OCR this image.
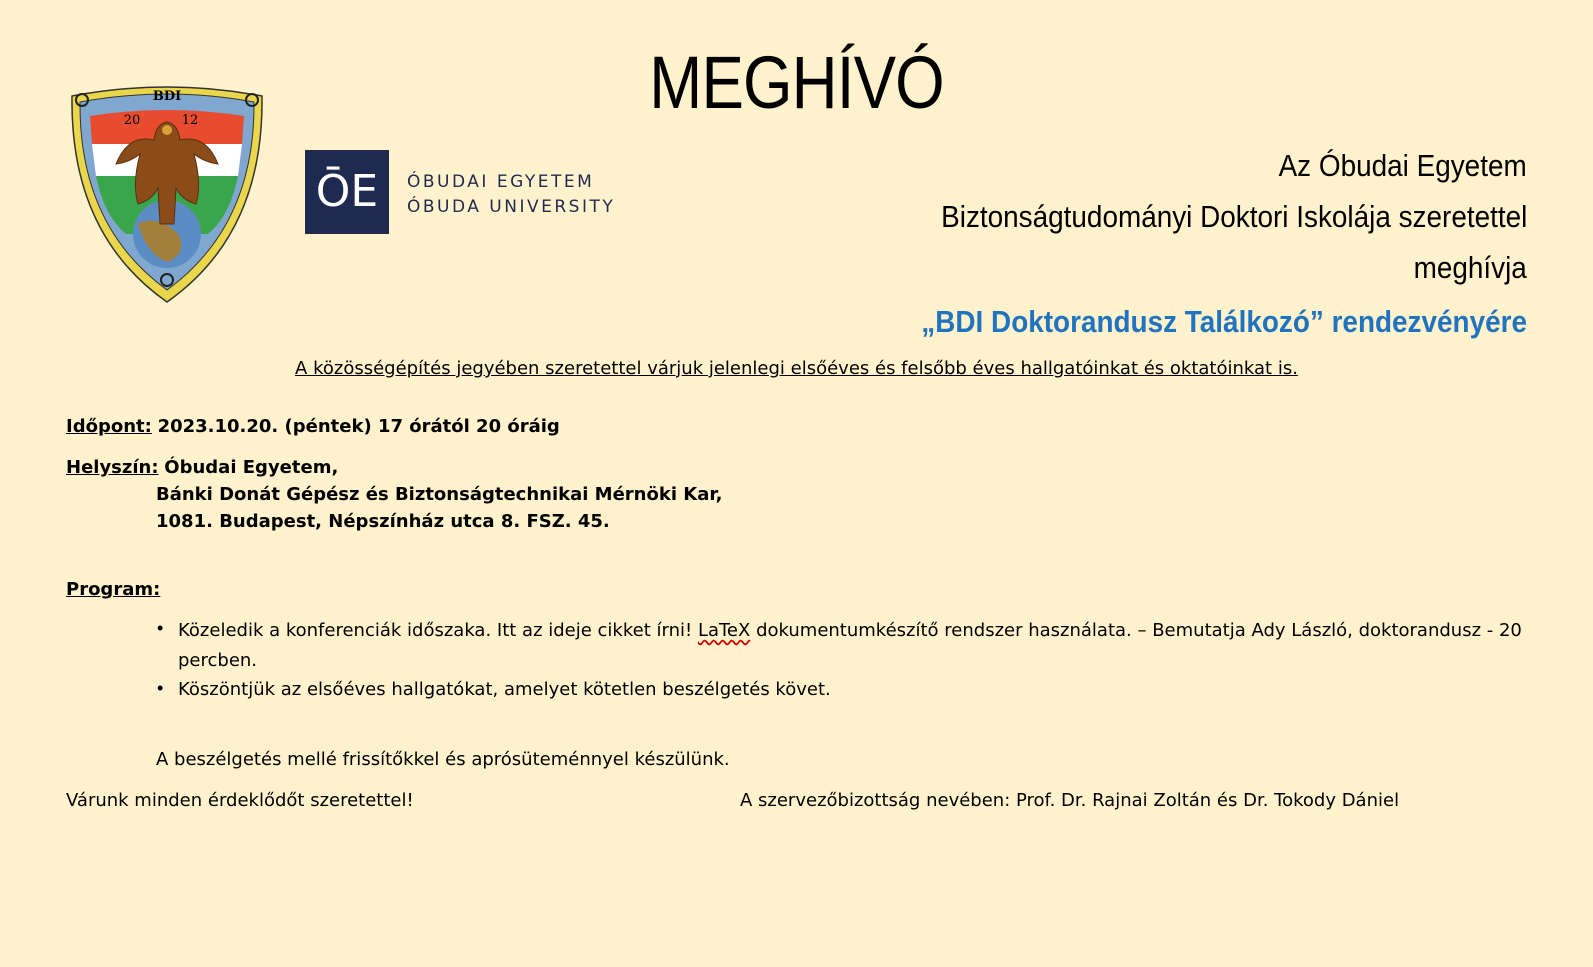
MEGHÍVÓ
BDI
20	12
ŌE	ÓBUDAI EGYETEM
ÓBUDA UNIVERSITY
Az Óbudai Egyetem
Biztonságtudományi Doktori Iskolája szeretettel
meghívja
„BDI Doktorandusz Találkozó” rendezvényére
A közösségépítés jegyében szeretettel várjuk jelenlegi elsőéves és felsőbb éves hallgatóinkat és oktatóinkat is.
Időpont: 2023.10.20. (péntek) 17 órától 20 óráig
Helyszín: Óbudai Egyetem,
Bánki Donát Gépész és Biztonságtechnikai Mérnöki Kar,
1081. Budapest, Népszínház utca 8. FSZ. 45.
Program:
• Közeledik a konferenciák időszaka. Itt az ideje cikket írni! LaTeX dokumentumkészítő rendszer használata. – Bemutatja Ady László, doktorandusz - 20
percben.
• Köszöntjük az elsőéves hallgatókat, amelyet kötetlen beszélgetés követ.
A beszélgetés mellé frissítőkkel és aprósüteménnyel készülünk.
Várunk minden érdeklődőt szeretettel!	A szervezőbizottság nevében: Prof. Dr. Rajnai Zoltán és Dr. Tokody Dániel
